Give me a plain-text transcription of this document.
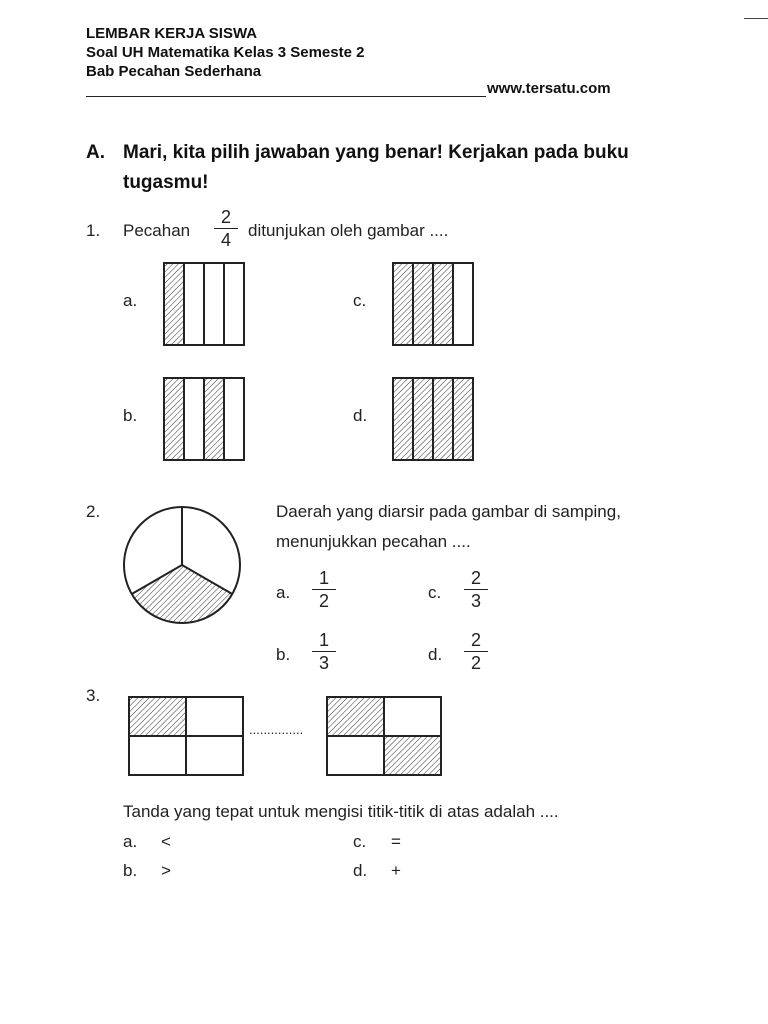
LEMBAR KERJA SISWA
Soal UH Matematika Kelas 3 Semeste 2
Bab Pecahan Sederhana
www.tersatu.com
A. Mari, kita pilih jawaban yang benar! Kerjakan pada buku
tugasmu!
1. Pecahan
2
4	ditunjukan oleh gambar ....
a.	c.
b.	d.
2.	Daerah yang diarsir pada gambar di samping,
menunjukkan pecahan ....
a.
1
2	c.
2
3
b.
1
3	d.
2
2
3.
...............
Tanda yang tepat untuk mengisi titik-titik di atas adalah ....
a. <	c. =
b. >	d. +
